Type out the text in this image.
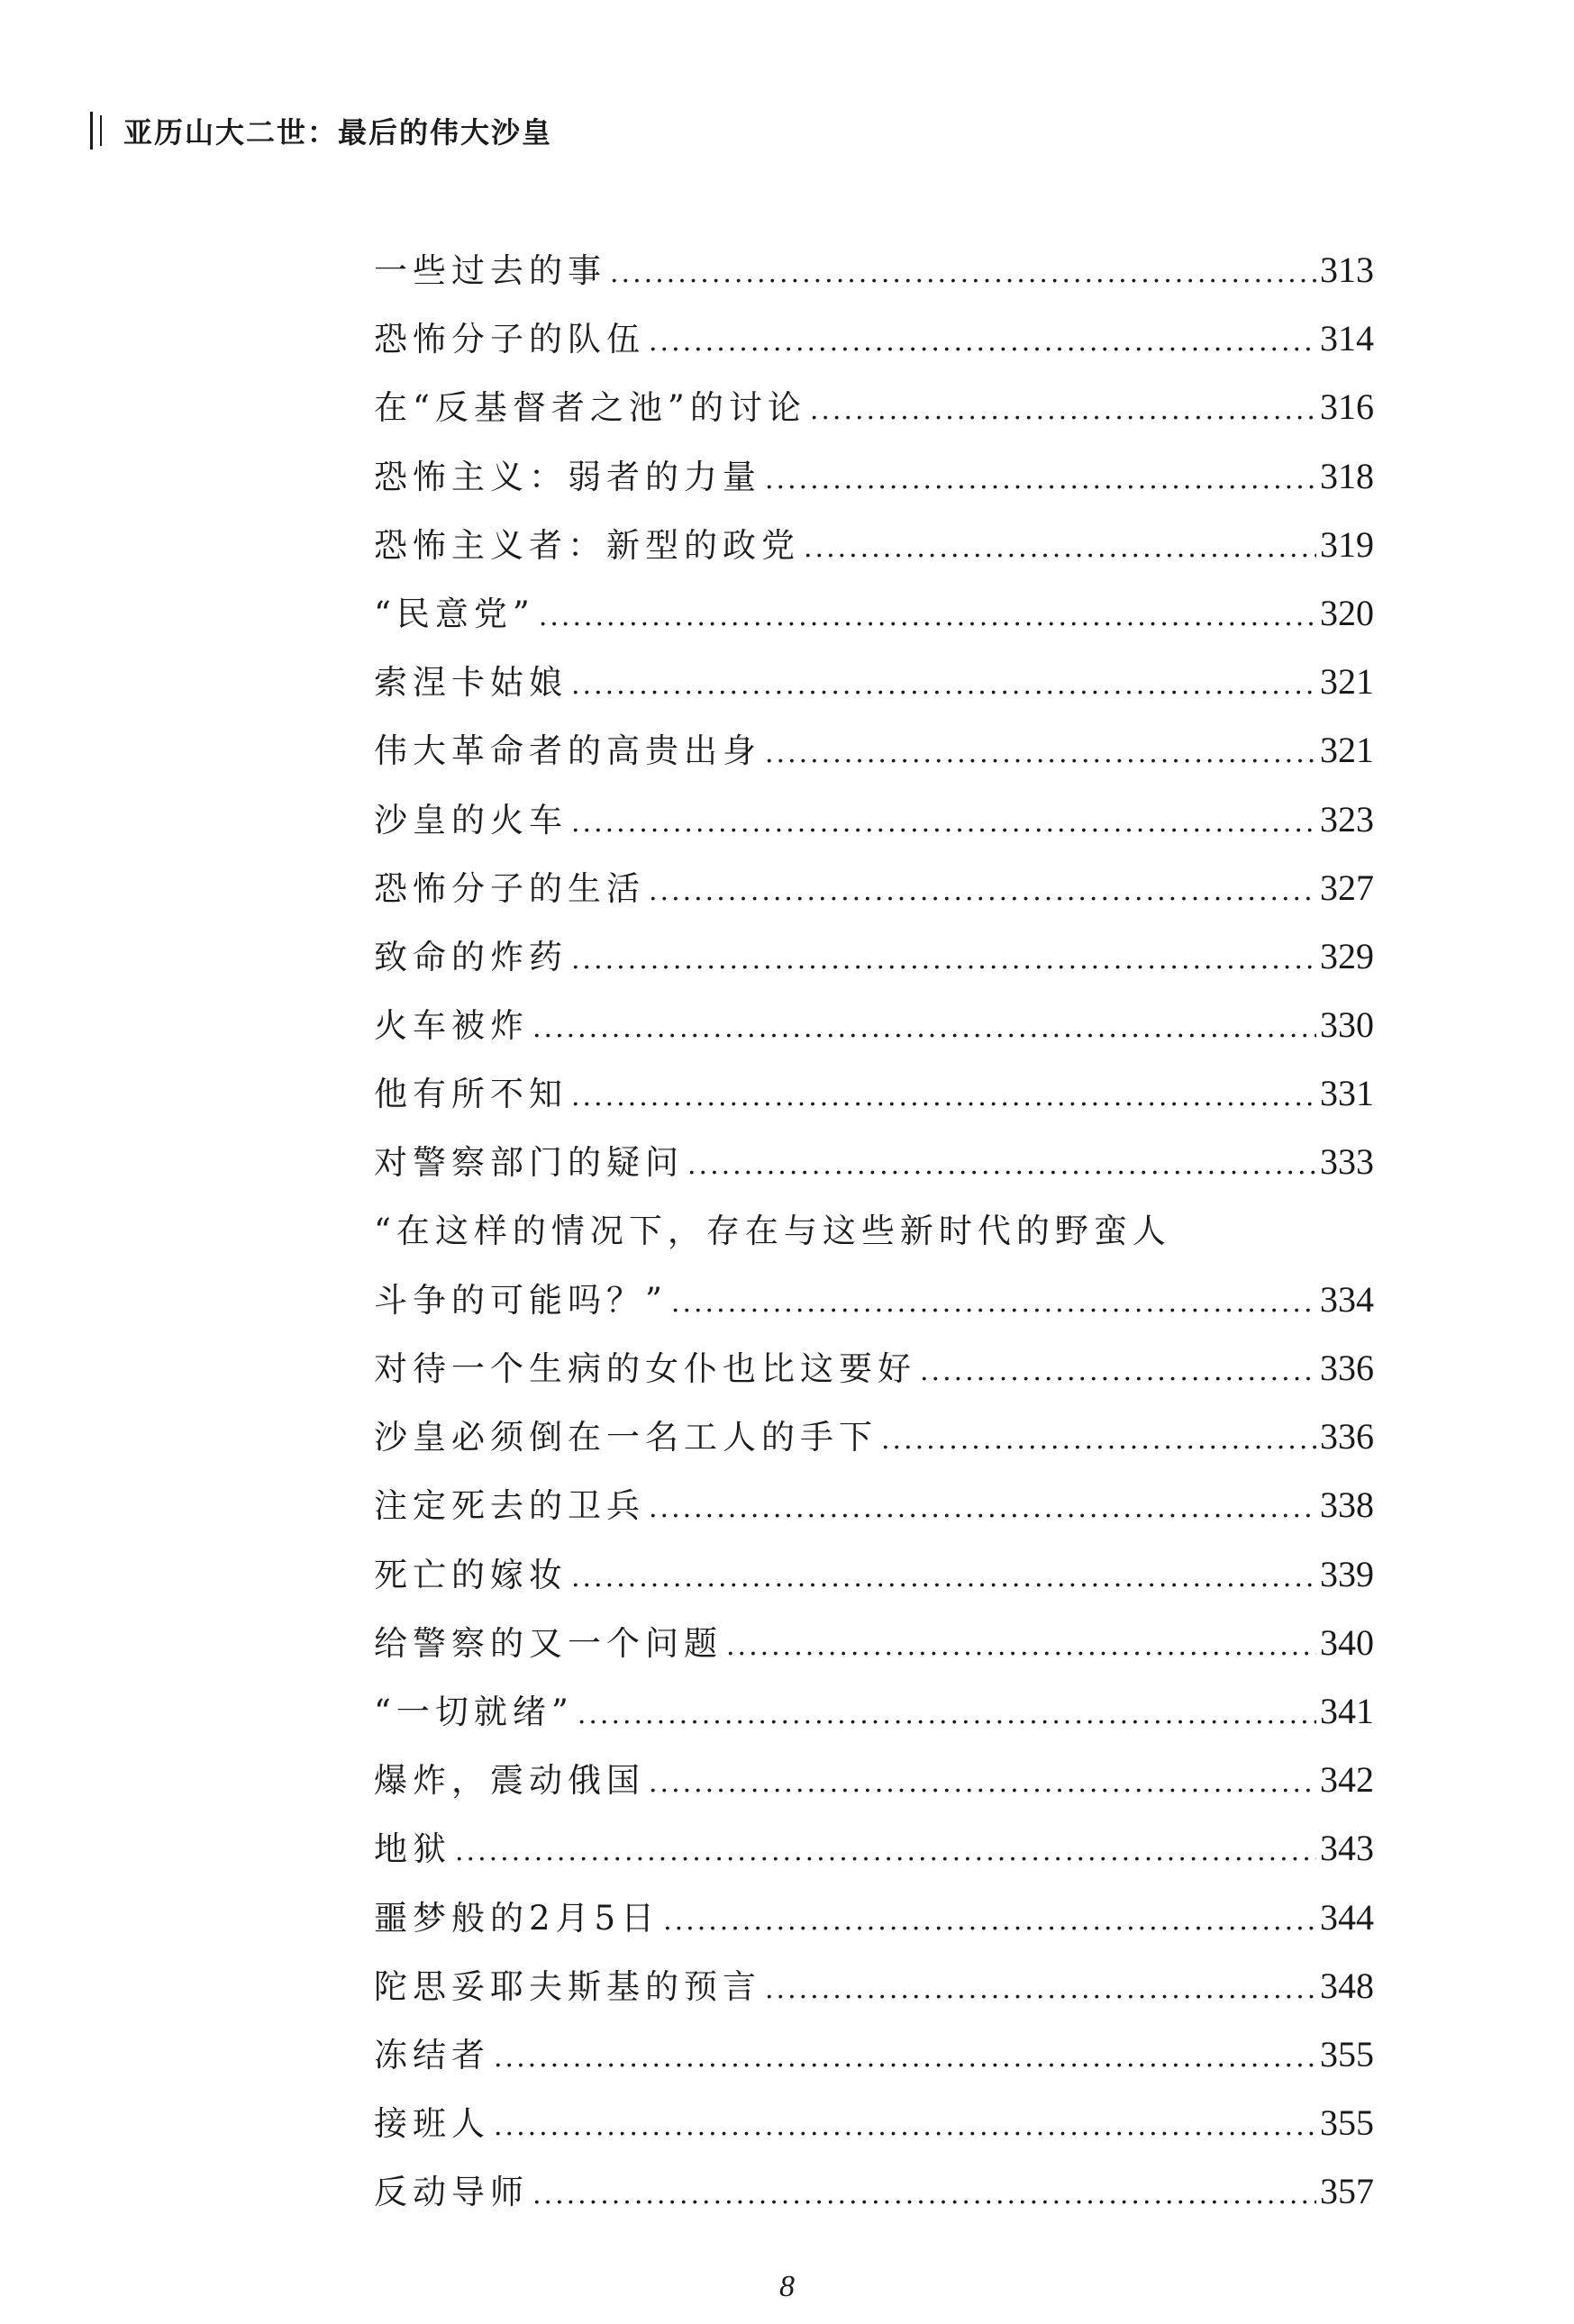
亚历山大二世：最后的伟大沙皇
一些过去的事 .....	313
恐怖分子的队伍 .....	314
在“反基督者之池”的讨论 .....	316
恐怖主义：弱者的力量 .....	318
恐怖主义者：新型的政党 .....	319
“民意党” .....	320
索涅卡姑娘 .....	321
伟大革命者的高贵出身 .....	321
沙皇的火车 .....	323
恐怖分子的生活 .....	327
致命的炸药 .....	329
火车被炸 .....	330
他有所不知 .....	331
对警察部门的疑问 .....	333
“在这样的情况下，存在与这些新时代的野蛮人
斗争的可能吗？” .....	334
对待一个生病的女仆也比这要好 .....	336
沙皇必须倒在一名工人的手下 .....	336
注定死去的卫兵 .....	338
死亡的嫁妆 .....	339
给警察的又一个问题 .....	340
“一切就绪” .....	341
爆炸，震动俄国 .....	342
地狱 .....	343
噩梦般的2月5日 .....	344
陀思妥耶夫斯基的预言 .....	348
冻结者 .....	355
接班人 .....	355
反动导师 .....	357
8
